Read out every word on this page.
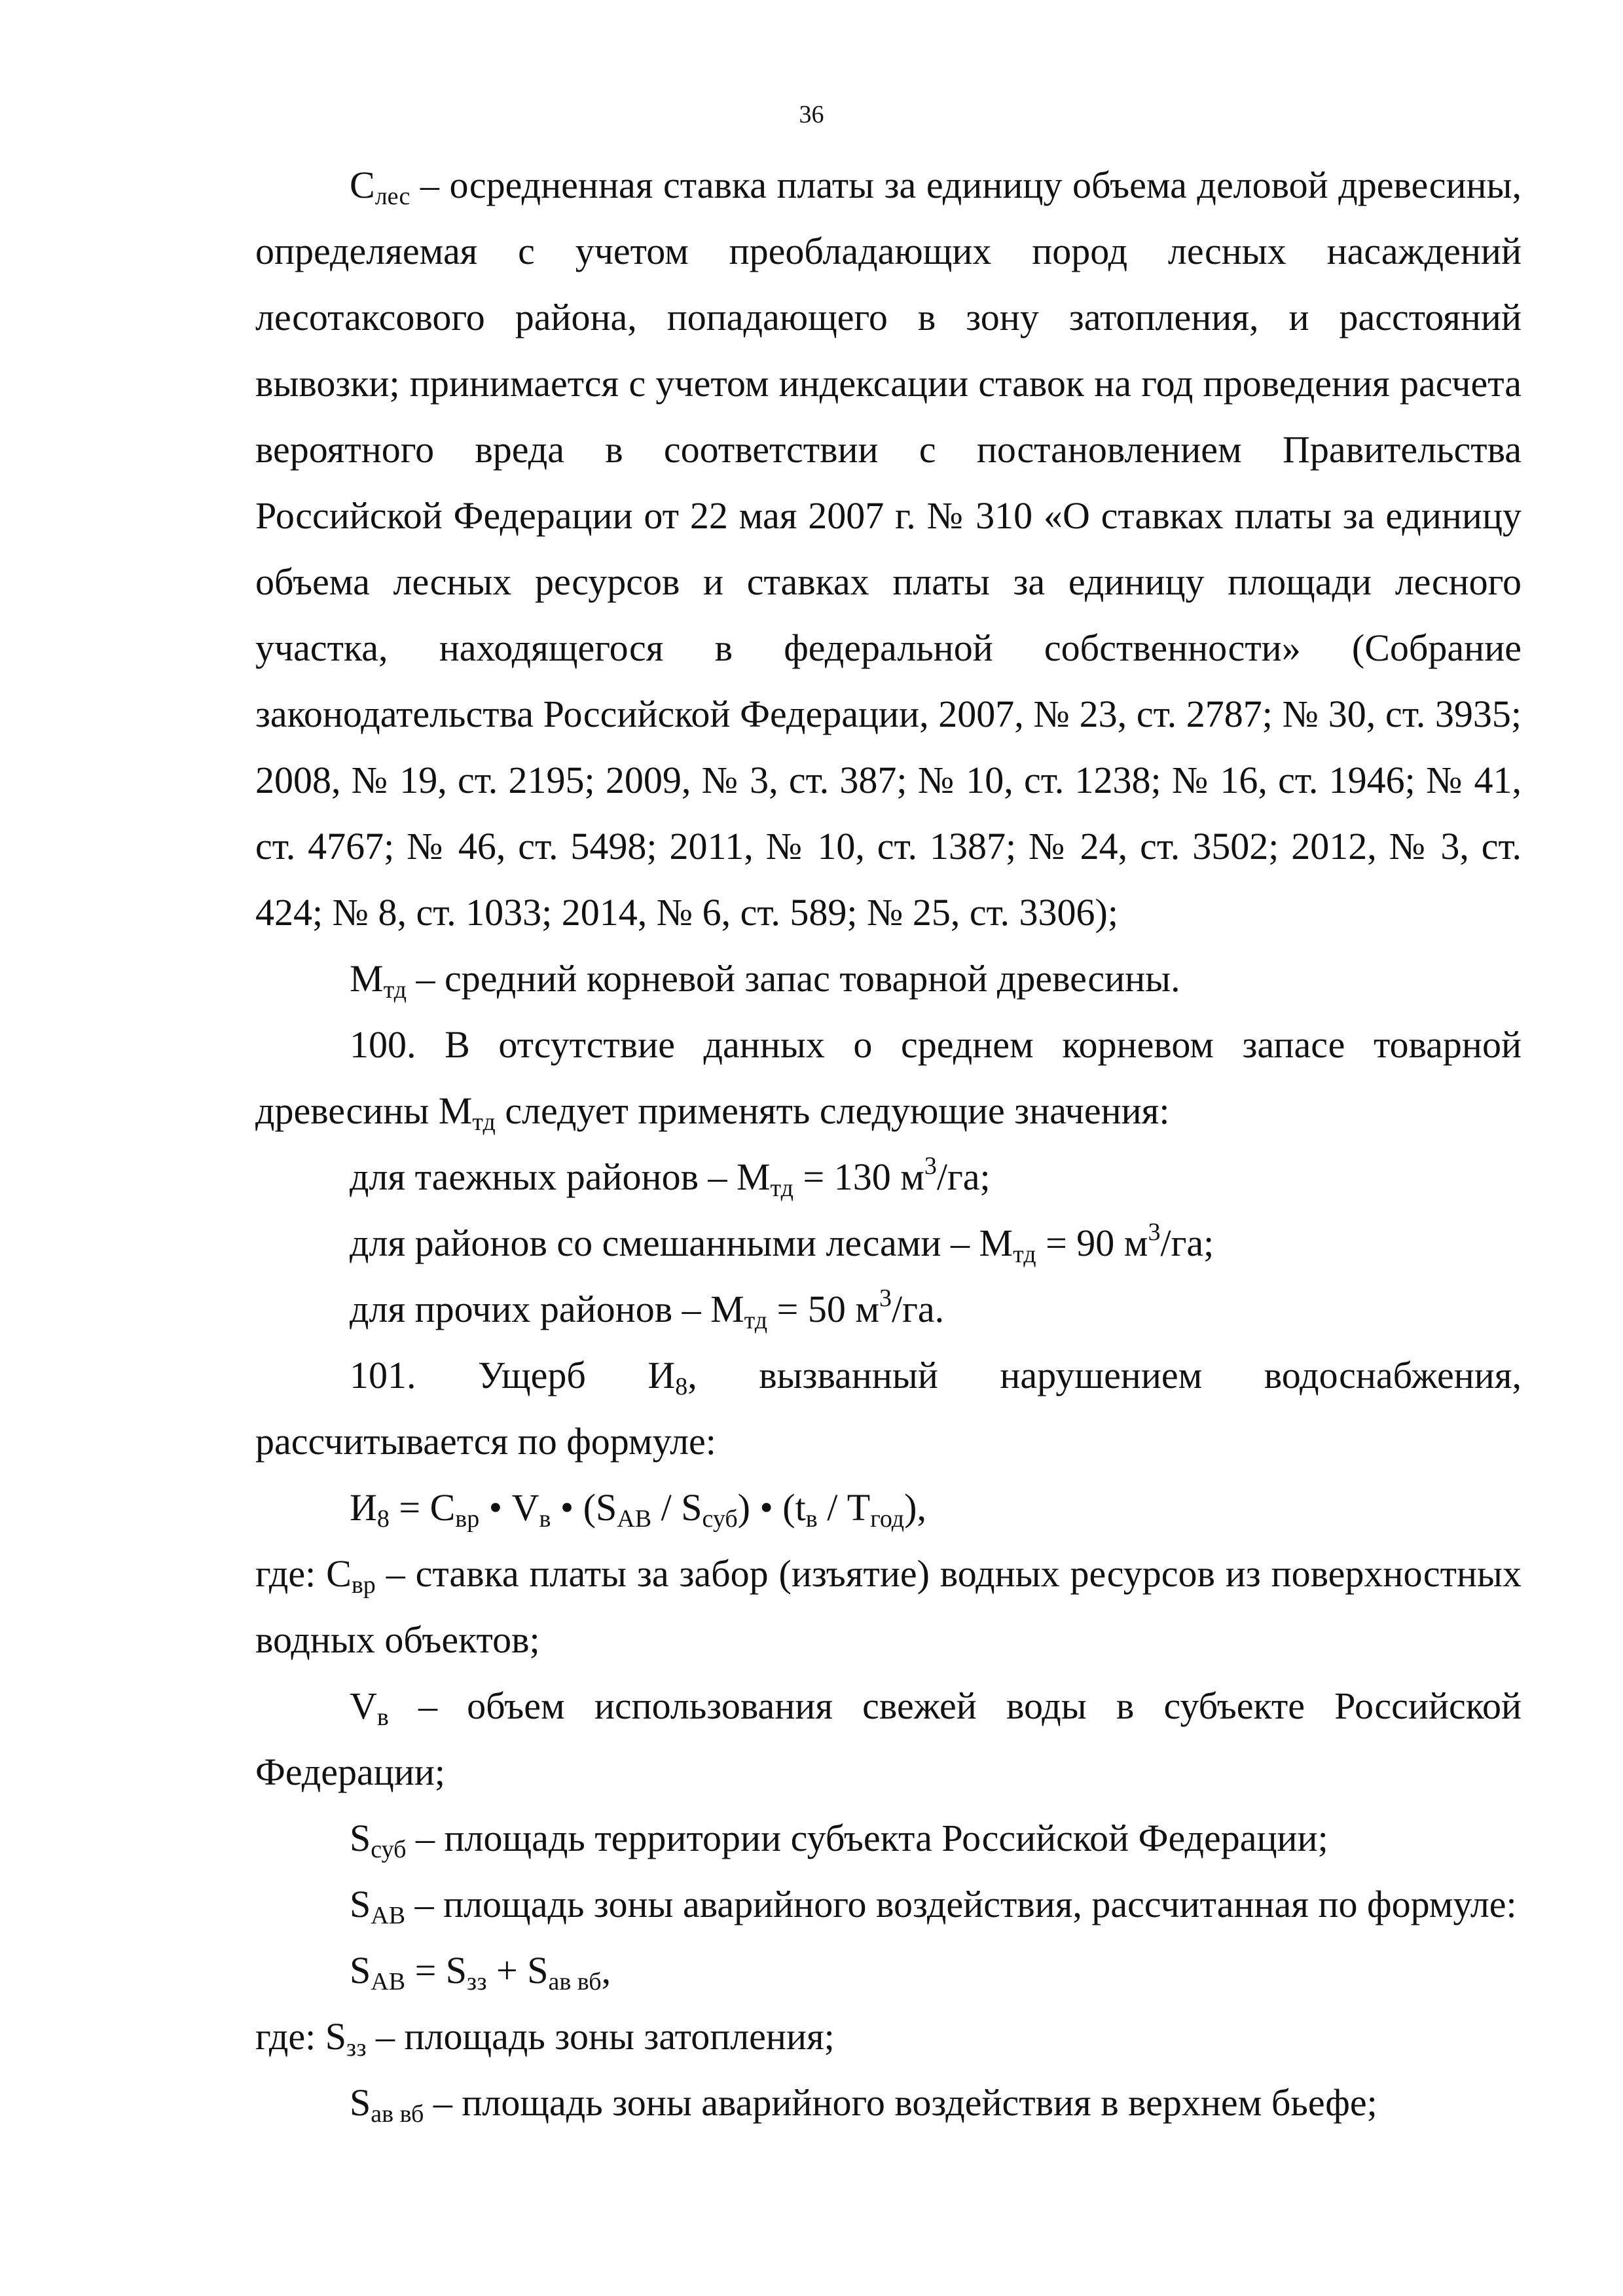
36

$С_{лес}$ – осредненная ставка платы за единицу объема деловой древесины, определяемая с учетом преобладающих пород лесных насаждений лесотаксового района, попадающего в зону затопления, и расстояний вывозки; принимается с учетом индексации ставок на год проведения расчета вероятного вреда в соответствии с постановлением Правительства Российской Федерации от 22 мая 2007 г. № 310 «О ставках платы за единицу объема лесных ресурсов и ставках платы за единицу площади лесного участка, находящегося в федеральной собственности» (Собрание законодательства Российской Федерации, 2007, № 23, ст. 2787; № 30, ст. 3935; 2008, № 19, ст. 2195; 2009, № 3, ст. 387; № 10, ст. 1238; № 16, ст. 1946; № 41, ст. 4767; № 46, ст. 5498; 2011, № 10, ст. 1387; № 24, ст. 3502; 2012, № 3, ст. 424; № 8, ст. 1033; 2014, № 6, ст. 589; № 25, ст. 3306);

$М_{тд}$ – средний корневой запас товарной древесины.

100. В отсутствие данных о среднем корневом запасе товарной древесины $М_{тд}$ следует применять следующие значения:

для таежных районов – $М_{тд} = 130$ $м^3/га$;

для районов со смешанными лесами – $М_{тд} = 90$ $м^3/га$;

для прочих районов – $М_{тд} = 50$ $м^3/га$.

101. Ущерб $И_8$, вызванный нарушением водоснабжения, рассчитывается по формуле:

$И_8 = С_{вр}$ • $V_в$ • $(S_{AB} / S_{суб})$ • $(t_в / T_{год})$,

где: $С_{вр}$ – ставка платы за забор (изъятие) водных ресурсов из поверхностных водных объектов;

$V_в$ – объем использования свежей воды в субъекте Российской Федерации;

$S_{суб}$ – площадь территории субъекта Российской Федерации;

$S_{AB}$ – площадь зоны аварийного воздействия, рассчитанная по формуле:

$S_{AB} = S_{зз} + S_{ав вб}$,

где: $S_{зз}$ – площадь зоны затопления;

$S_{ав вб}$ – площадь зоны аварийного воздействия в верхнем бьефе;
